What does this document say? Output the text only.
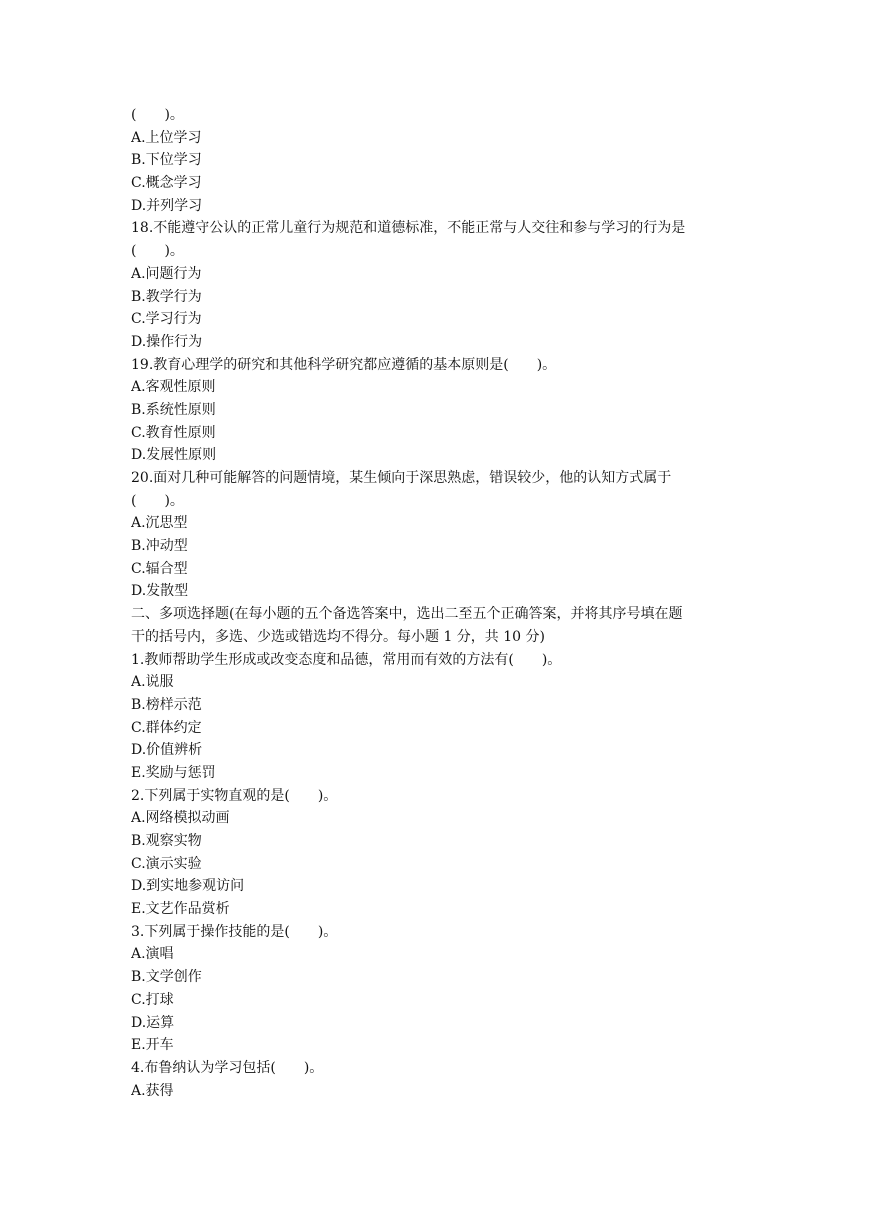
(　　)。
A.上位学习
B.下位学习
C.概念学习
D.并列学习
18.不能遵守公认的正常儿童行为规范和道德标准，不能正常与人交往和参与学习的行为是
(　　)。
A.问题行为
B.教学行为
C.学习行为
D.操作行为
19.教育心理学的研究和其他科学研究都应遵循的基本原则是(　　)。
A.客观性原则
B.系统性原则
C.教育性原则
D.发展性原则
20.面对几种可能解答的问题情境，某生倾向于深思熟虑，错误较少，他的认知方式属于
(　　)。
A.沉思型
B.冲动型
C.辐合型
D.发散型
二、多项选择题(在每小题的五个备选答案中，选出二至五个正确答案，并将其序号填在题
干的括号内，多选、少选或错选均不得分。每小题 1 分，共 10 分)
1.教师帮助学生形成或改变态度和品德，常用而有效的方法有(　　)。
A.说服
B.榜样示范
C.群体约定
D.价值辨析
E.奖励与惩罚
2.下列属于实物直观的是(　　)。
A.网络模拟动画
B.观察实物
C.演示实验
D.到实地参观访问
E.文艺作品赏析
3.下列属于操作技能的是(　　)。
A.演唱
B.文学创作
C.打球
D.运算
E.开车
4.布鲁纳认为学习包括(　　)。
A.获得
